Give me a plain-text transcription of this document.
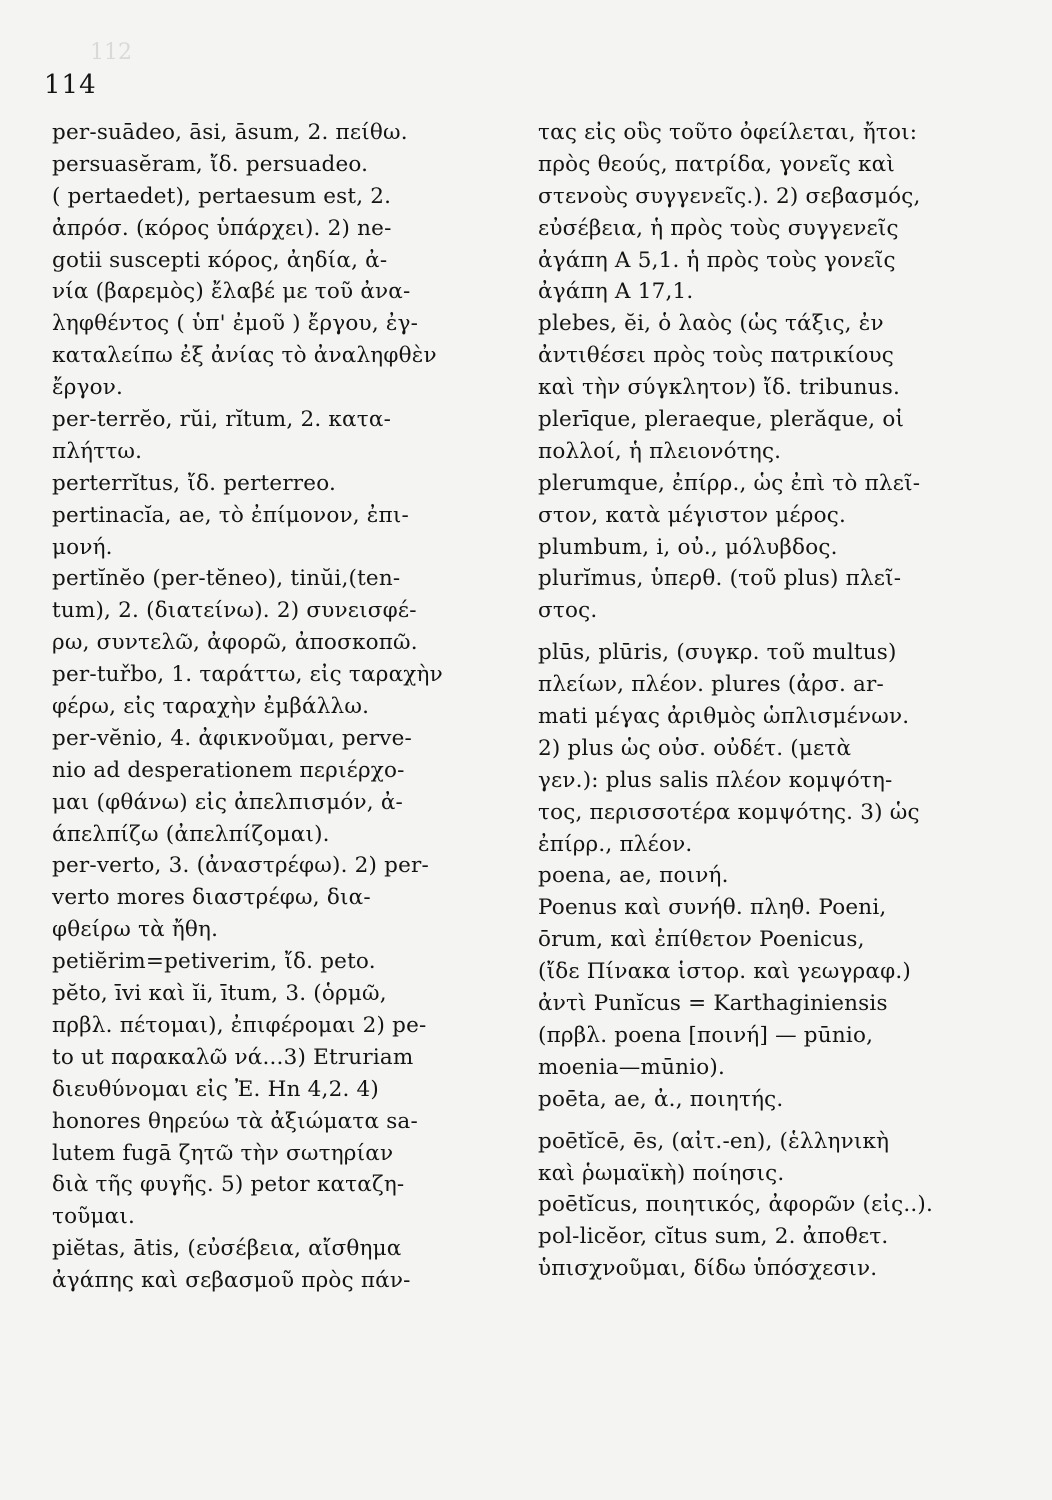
112
114
per-suādeo, āsi, āsum, 2. πείθω.
persuasĕram, ἴδ. persuadeo.
( pertaedet), pertaesum est, 2.
ἀπρόσ. (κόρος ὑπάρχει). 2) ne-
gotii suscepti κόρος, ἀηδία, ἀ-
νία (βαρεμὸς) ἔλαβέ με τοῦ ἀνα-
ληφθέντος ( ὑπ' ἐμοῦ ) ἔργου, ἐγ-
καταλείπω ἐξ ἀνίας τὸ ἀναληφθὲν
ἔργον.
per-terrĕo, rŭi, rĭtum, 2. κατα-
πλήττω.
perterrĭtus, ἴδ. perterreo.
pertinacĭa, ae, τὸ ἐπίμονον, ἐπι-
μονή.
pertĭnĕo (per-tĕneo), tinŭi,(ten-
tum), 2. (διατείνω). 2) συνεισφέ-
ρω, συντελῶ, ἀφορῶ, ἀποσκοπῶ.
per-tuřbo, 1. ταράττω, εἰς ταραχὴν
φέρω, εἰς ταραχὴν ἐμβάλλω.
per-vĕnio, 4. ἀφικνοῦμαι, perve-
nio ad desperationem περιέρχο-
μαι (φθάνω) εἰς ἀπελπισμόν, ἀ-
άπελπίζω (ἀπελπίζομαι).
per-verto, 3. (ἀναστρέφω). 2) per-
verto mores διαστρέφω, δια-
φθείρω τὰ ἤθη.
petiĕrim=petiverim, ἴδ. peto.
pĕto, īvi καὶ ĭi, ītum, 3. (ὁρμῶ,
πρβλ. πέτομαι), ἐπιφέρομαι 2) pe-
to ut παρακαλῶ νά...3) Etruriam
διευθύνομαι εἰς Ἐ. Hn 4,2. 4)
honores θηρεύω τὰ ἀξιώματα sa-
lutem fugā ζητῶ τὴν σωτηρίαν
διὰ τῆς φυγῆς. 5) petor καταζη-
τοῦμαι.
piĕtas, ātis, (εὐσέβεια, αἴσθημα
ἀγάπης καὶ σεβασμοῦ πρὸς πάν-
τας εἰς οὓς τοῦτο ὀφείλεται, ἤτοι:
πρὸς θεούς, πατρίδα, γονεῖς καὶ
στενοὺς συγγενεῖς.). 2) σεβασμός,
εὐσέβεια, ἡ πρὸς τοὺς συγγενεῖς
ἀγάπη A 5,1. ἡ πρὸς τοὺς γονεῖς
ἀγάπη A 17,1.
plebes, ĕi, ὁ λαὸς (ὡς τάξις, ἐν
ἀντιθέσει πρὸς τοὺς πατρικίους
καὶ τὴν σύγκλητον) ἴδ. tribunus.
plerīque, pleraeque, plerăque, οἱ
πολλοί, ἡ πλειονότης.
plerumque, ἐπίρρ., ὡς ἐπὶ τὸ πλεῖ-
στον, κατὰ μέγιστον μέρος.
plumbum, i, οὐ., μόλυβδος.
plurĭmus, ὑπερθ. (τοῦ plus) πλεῖ-
στος.
plūs, plūris, (συγκρ. τοῦ multus)
πλείων, πλέον. plures (ἀρσ. ar-
mati μέγας ἀριθμὸς ὡπλισμένων.
2) plus ὡς οὐσ. οὐδέτ. (μετὰ
γεν.): plus salis πλέον κομψότη-
τος, περισσοτέρα κομψότης. 3) ὡς
ἐπίρρ., πλέον.
poena, ae, ποινή.
Poenus καὶ συνήθ. πληθ. Poeni,
ōrum, καὶ ἐπίθετον Poenicus,
(ἴδε Πίνακα ἱστορ. καὶ γεωγραφ.)
ἀντὶ Punĭcus = Karthaginiensis
(πρβλ. poena [ποινή] — pūnio,
moenia—mūnio).
poēta, ae, ἀ., ποιητής.
poētĭcē, ēs, (αἰτ.-en), (ἑλληνικὴ
καὶ ῥωμαϊκὴ) ποίησις.
poētĭcus, ποιητικός, ἀφορῶν (εἰς..).
pol-licĕor, cĭtus sum, 2. ἀποθετ.
ὑπισχνοῦμαι, δίδω ὑπόσχεσιν.
